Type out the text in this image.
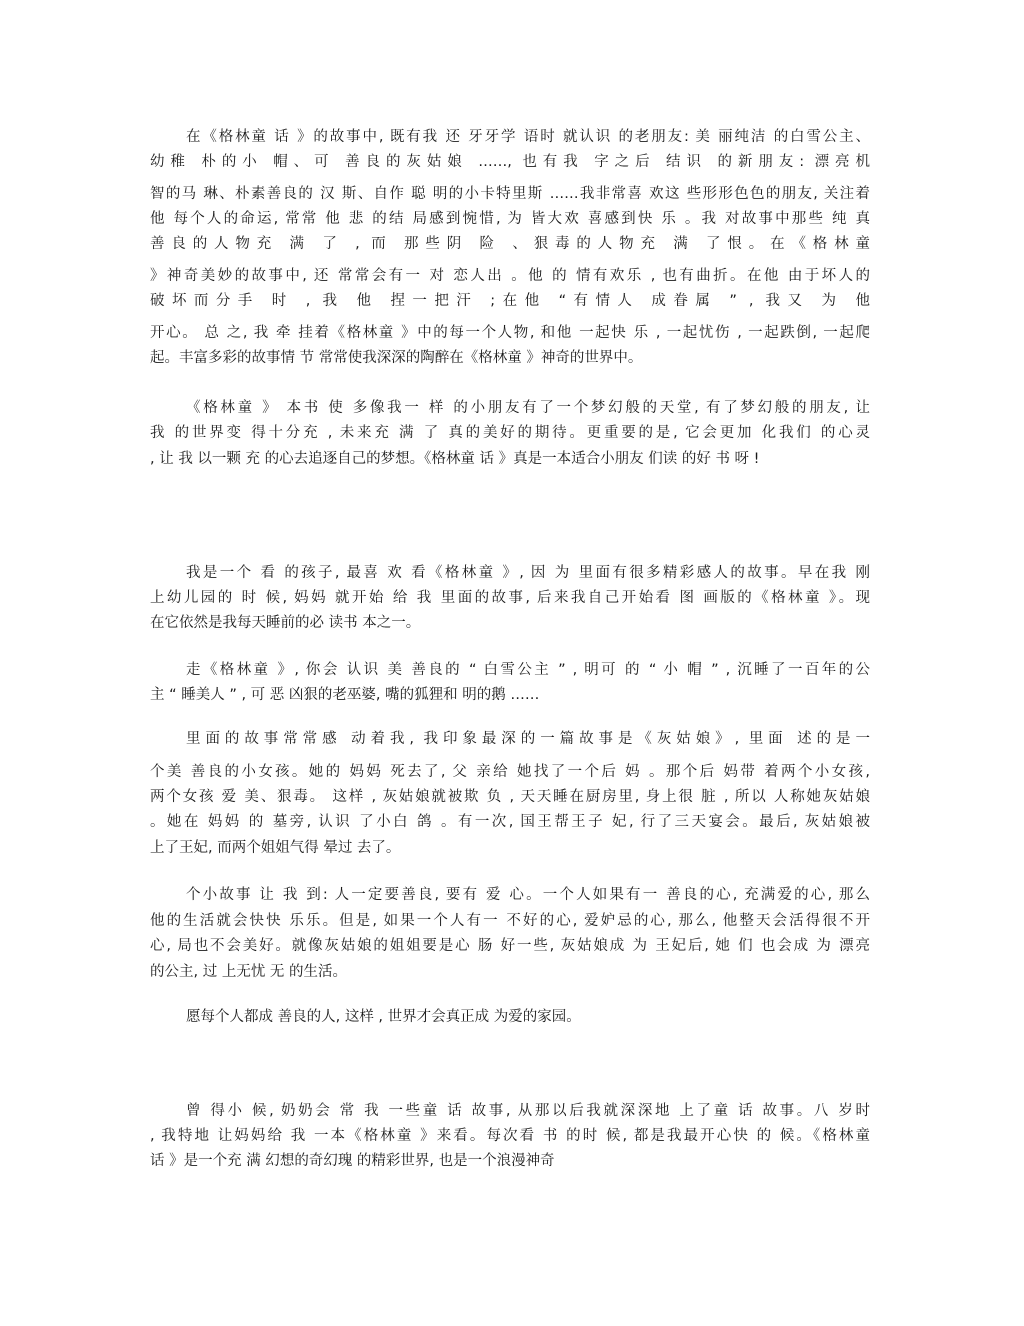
在《格林童 话 》的故事中, 既有我 还 牙牙学 语时 就认识 的老朋友: 美 丽纯洁 的白雪公主、

幼稚 朴的小 帽、可 善良的灰姑娘 ……, 也有我 字之后 结识 的新朋友: 漂亮机

智的马 琳、朴素善良的 汉 斯、自作 聪 明的小卡特里斯 ……我非常喜 欢这 些形形色色的朋友, 关注着

他 每个人的命运, 常常 他 悲 的结 局感到惋惜, 为 皆大欢 喜感到快 乐 。我 对故事中那些 纯 真

善良的人物充 满 了 , 而 那些阴 险 、狠毒的人物充 满 了恨。在《格林童

》神奇美妙的故事中, 还 常常会有一 对 恋人出 。他 的 情有欢乐 , 也有曲折。在他 由于坏人的

破坏而分手 时 , 我 他 捏一把汗 ;在他 “有情人 成眷属 ” , 我又 为 他

开心。 总 之, 我 牵 挂着《格林童 》中的每一个人物, 和他 一起快 乐 , 一起忧伤 , 一起跌倒, 一起爬

起。丰富多彩的故事情 节 常常使我深深的陶醉在《格林童 》神奇的世界中。

《格林童 》 本书 使 多像我一 样 的小朋友有了一个梦幻般的天堂, 有了梦幻般的朋友, 让

我 的世界变 得十分充 , 未来充 满 了 真的美好的期待。更重要的是, 它会更加 化我们 的心灵

, 让 我 以一颗 充 的心去追逐自己的梦想。《格林童 话 》真是一本适合小朋友 们读 的好 书 呀 !

我是一个 看 的孩子, 最喜 欢 看《格林童 》, 因 为 里面有很多精彩感人的故事。早在我 刚

上幼儿园的 时 候, 妈妈 就开始 给 我 里面的故事, 后来我自己开始看 图 画版的《格林童 》。现

在它依然是我每天睡前的必 读书 本之一。

走《格林童 》, 你会 认识 美 善良的 “ 白雪公主 ” , 明可 的 “ 小 帽 ” , 沉睡了一百年的公

主 “ 睡美人 ” , 可 恶 凶狠的老巫婆, 嘴的狐狸和 明的鹅 ……

里面的故事常常感 动着我, 我印象最深的一篇故事是《灰姑娘》, 里面 述的是一

个美 善良的小女孩。她的 妈妈 死去了, 父 亲给 她找了一个后 妈 。那个后 妈带 着两个小女孩,

两个女孩 爱 美、狠毒。 这样 , 灰姑娘就被欺 负 , 天天睡在厨房里, 身上很 脏 , 所以 人称她灰姑娘

。她在 妈妈 的 墓旁, 认识 了小白 鸽 。有一次, 国王帮王子 妃, 行了三天宴会。最后, 灰姑娘被

上了王妃, 而两个姐姐气得 晕过 去了。

个小故事 让 我 到: 人一定要善良, 要有 爱 心。一个人如果有一 善良的心, 充满爱的心, 那么

他的生活就会快快 乐乐。但是, 如果一个人有一 不好的心, 爱妒忌的心, 那么, 他整天会活得很不开

心, 局也不会美好。就像灰姑娘的姐姐要是心 肠 好一些, 灰姑娘成 为 王妃后, 她 们 也会成 为 漂亮

的公主, 过 上无忧 无 的生活。

愿每个人都成 善良的人, 这样 , 世界才会真正成 为爱的家园。

曾 得小 候, 奶奶会 常 我 一些童 话 故事, 从那以后我就深深地 上了童 话 故事。八 岁时

, 我特地 让妈妈给 我 一本《格林童 》来看。每次看 书 的时 候, 都是我最开心快 的 候。《格林童

话 》是一个充 满 幻想的奇幻瑰 的精彩世界, 也是一个浪漫神奇
